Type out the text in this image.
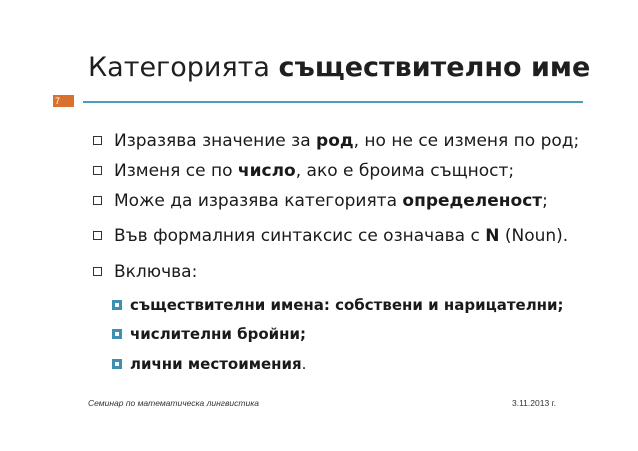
Категорията съществително име
7
Изразява значение за род, но не се изменя по род;
Изменя се по число, ако е броима същност;
Може да изразява категорията определеност;
Във формалния синтаксис се означава с N (Noun).
Включва:
съществителни имена: собствени и нарицателни;
числителни бройни;
лични местоимения.
Семинар по математическа лингвистика	3.11.2013 г.
